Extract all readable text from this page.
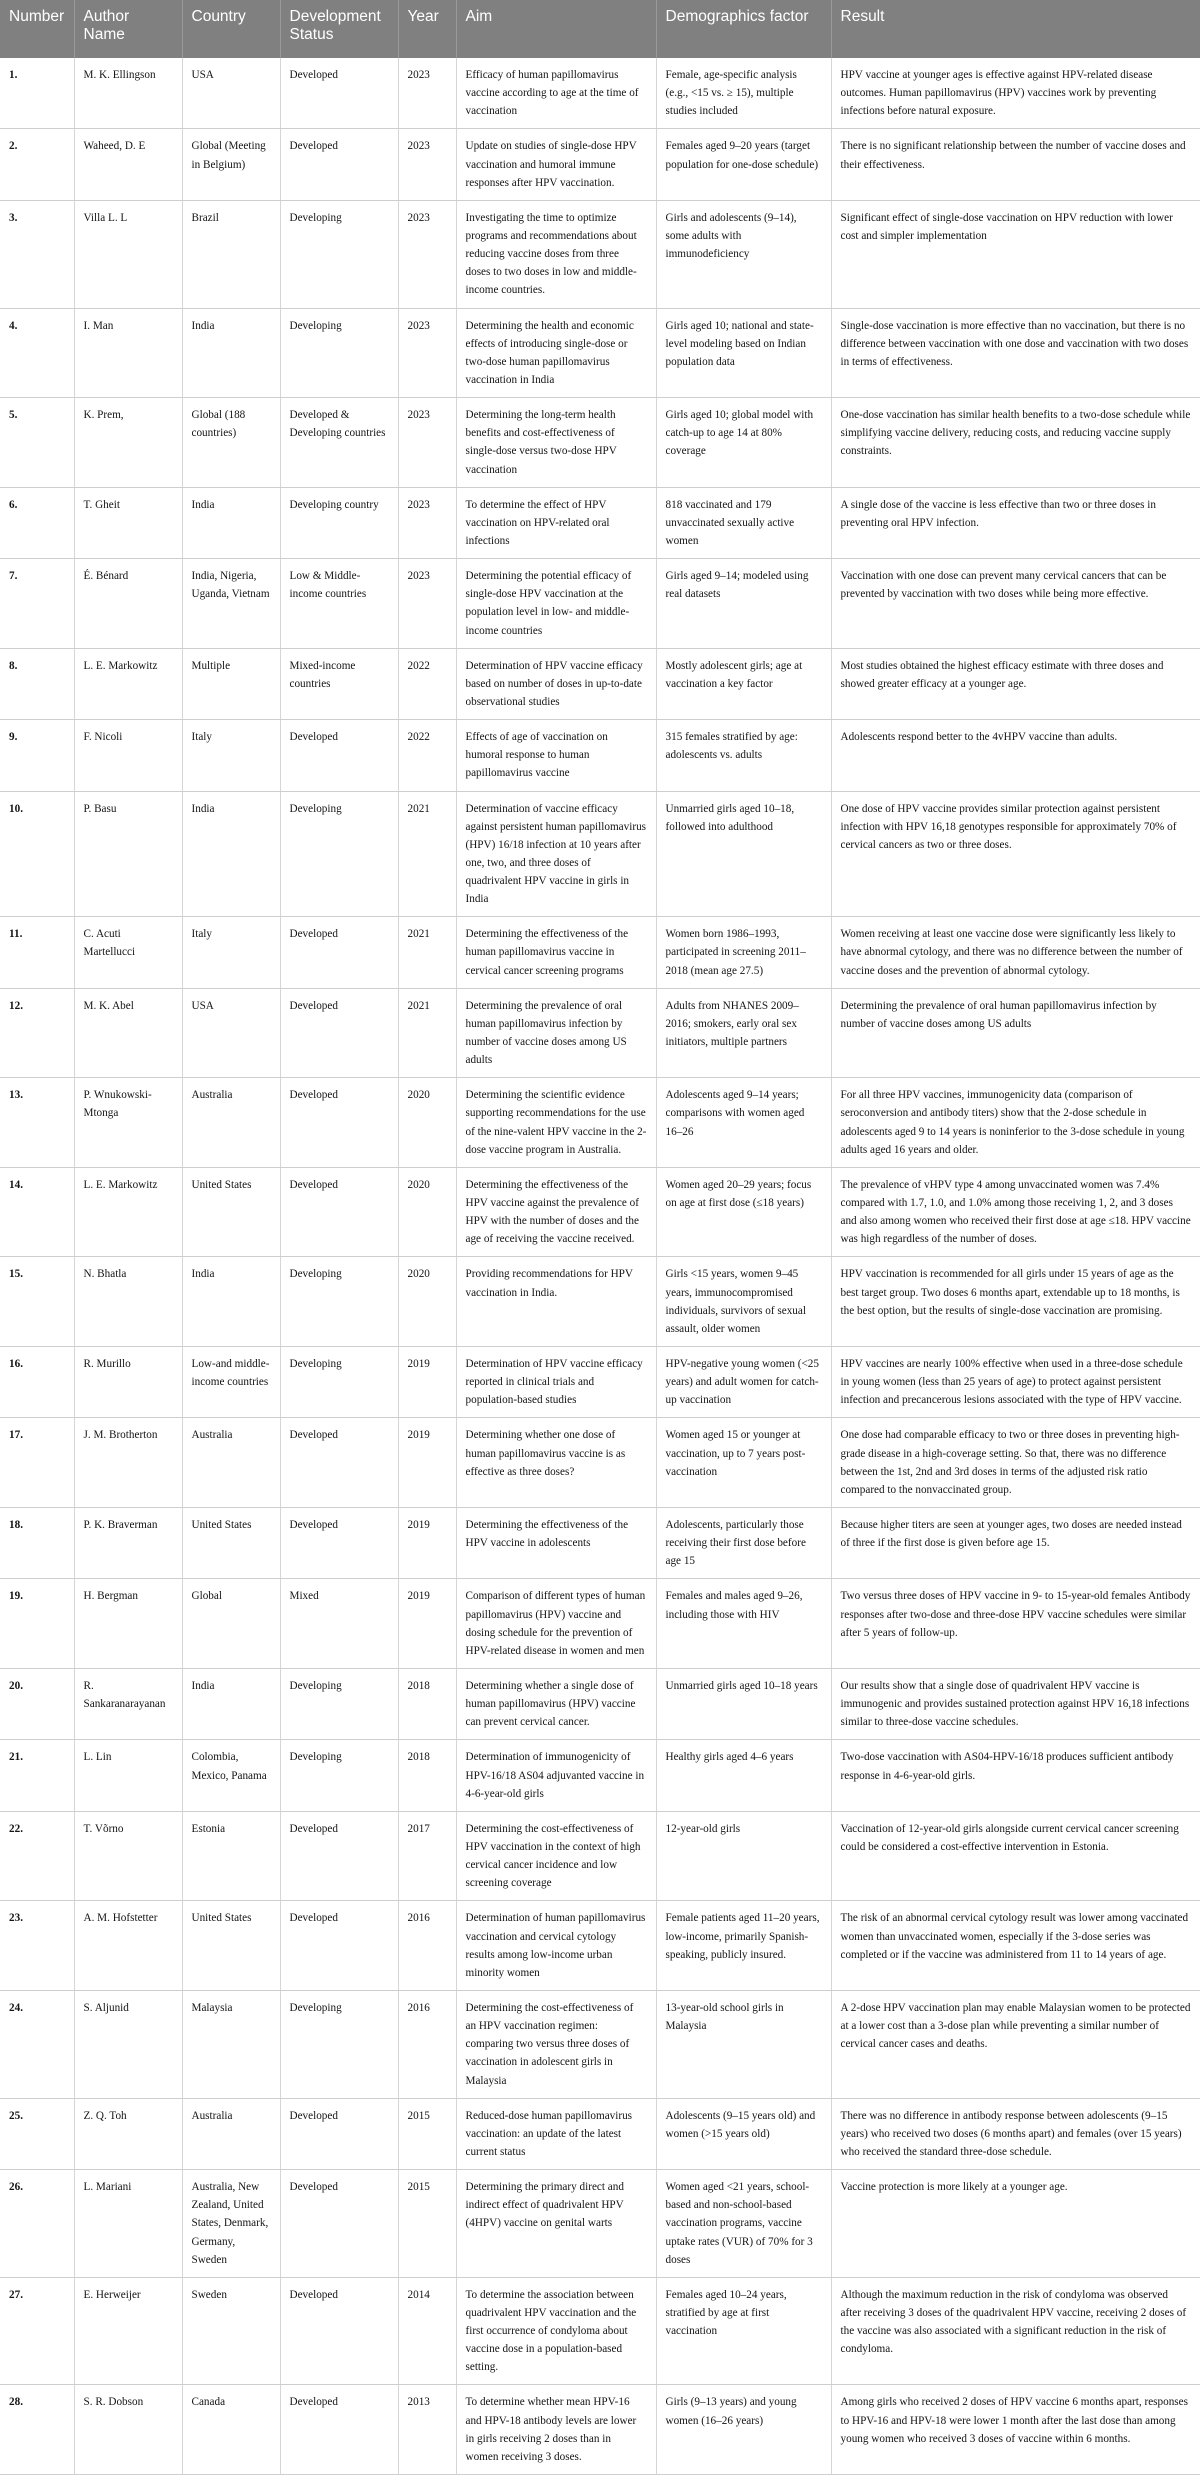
Number	Author Name	Country	Development Status	Year	Aim	Demographics factor	Result
1.	M. K. Ellingson	USA	Developed	2023	Efficacy of human papillomavirus vaccine according to age at the time of vaccination	Female, age-specific analysis (e.g., <15 vs. ≥ 15), multiple studies included	HPV vaccine at younger ages is effective against HPV-related disease outcomes. Human papillomavirus (HPV) vaccines work by preventing infections before natural exposure.
2.	Waheed, D. E	Global (Meeting in Belgium)	Developed	2023	Update on studies of single-dose HPV vaccination and humoral immune responses after HPV vaccination.	Females aged 9–20 years (target population for one-dose schedule)	There is no significant relationship between the number of vaccine doses and their effectiveness.
3.	Villa L. L	Brazil	Developing	2023	Investigating the time to optimize programs and recommendations about reducing vaccine doses from three doses to two doses in low and middle-income countries.	Girls and adolescents (9–14), some adults with immunodeficiency	Significant effect of single-dose vaccination on HPV reduction with lower cost and simpler implementation
4.	I. Man	India	Developing	2023	Determining the health and economic effects of introducing single-dose or two-dose human papillomavirus vaccination in India	Girls aged 10; national and state-level modeling based on Indian population data	Single-dose vaccination is more effective than no vaccination, but there is no difference between vaccination with one dose and vaccination with two doses in terms of effectiveness.
5.	K. Prem,	Global (188 countries)	Developed & Developing countries	2023	Determining the long-term health benefits and cost-effectiveness of single-dose versus two-dose HPV vaccination	Girls aged 10; global model with catch-up to age 14 at 80% coverage	One-dose vaccination has similar health benefits to a two-dose schedule while simplifying vaccine delivery, reducing costs, and reducing vaccine supply constraints.
6.	T. Gheit	India	Developing country	2023	To determine the effect of HPV vaccination on HPV-related oral infections	818 vaccinated and 179 unvaccinated sexually active women	A single dose of the vaccine is less effective than two or three doses in preventing oral HPV infection.
7.	É. Bénard	India, Nigeria, Uganda, Vietnam	Low & Middle-income countries	2023	Determining the potential efficacy of single-dose HPV vaccination at the population level in low- and middle-income countries	Girls aged 9–14; modeled using real datasets	Vaccination with one dose can prevent many cervical cancers that can be prevented by vaccination with two doses while being more effective.
8.	L. E. Markowitz	Multiple	Mixed-income countries	2022	Determination of HPV vaccine efficacy based on number of doses in up-to-date observational studies	Mostly adolescent girls; age at vaccination a key factor	Most studies obtained the highest efficacy estimate with three doses and showed greater efficacy at a younger age.
9.	F. Nicoli	Italy	Developed	2022	Effects of age of vaccination on humoral response to human papillomavirus vaccine	315 females stratified by age: adolescents vs. adults	Adolescents respond better to the 4vHPV vaccine than adults.
10.	P. Basu	India	Developing	2021	Determination of vaccine efficacy against persistent human papillomavirus (HPV) 16/18 infection at 10 years after one, two, and three doses of quadrivalent HPV vaccine in girls in India	Unmarried girls aged 10–18, followed into adulthood	One dose of HPV vaccine provides similar protection against persistent infection with HPV 16,18 genotypes responsible for approximately 70% of cervical cancers as two or three doses.
11.	C. Acuti Martellucci	Italy	Developed	2021	Determining the effectiveness of the human papillomavirus vaccine in cervical cancer screening programs	Women born 1986–1993, participated in screening 2011–2018 (mean age 27.5)	Women receiving at least one vaccine dose were significantly less likely to have abnormal cytology, and there was no difference between the number of vaccine doses and the prevention of abnormal cytology.
12.	M. K. Abel	USA	Developed	2021	Determining the prevalence of oral human papillomavirus infection by number of vaccine doses among US adults	Adults from NHANES 2009–2016; smokers, early oral sex initiators, multiple partners	Determining the prevalence of oral human papillomavirus infection by number of vaccine doses among US adults
13.	P. Wnukowski-Mtonga	Australia	Developed	2020	Determining the scientific evidence supporting recommendations for the use of the nine-valent HPV vaccine in the 2-dose vaccine program in Australia.	Adolescents aged 9–14 years; comparisons with women aged 16–26	For all three HPV vaccines, immunogenicity data (comparison of seroconversion and antibody titers) show that the 2-dose schedule in adolescents aged 9 to 14 years is noninferior to the 3-dose schedule in young adults aged 16 years and older.
14.	L. E. Markowitz	United States	Developed	2020	Determining the effectiveness of the HPV vaccine against the prevalence of HPV with the number of doses and the age of receiving the vaccine received.	Women aged 20–29 years; focus on age at first dose (≤18 years)	The prevalence of vHPV type 4 among unvaccinated women was 7.4% compared with 1.7, 1.0, and 1.0% among those receiving 1, 2, and 3 doses and also among women who received their first dose at age ≤18. HPV vaccine was high regardless of the number of doses.
15.	N. Bhatla	India	Developing	2020	Providing recommendations for HPV vaccination in India.	Girls <15 years, women 9–45 years, immunocompromised individuals, survivors of sexual assault, older women	HPV vaccination is recommended for all girls under 15 years of age as the best target group. Two doses 6 months apart, extendable up to 18 months, is the best option, but the results of single-dose vaccination are promising.
16.	R. Murillo	Low-and middle-income countries	Developing	2019	Determination of HPV vaccine efficacy reported in clinical trials and population-based studies	HPV-negative young women (<25 years) and adult women for catch-up vaccination	HPV vaccines are nearly 100% effective when used in a three-dose schedule in young women (less than 25 years of age) to protect against persistent infection and precancerous lesions associated with the type of HPV vaccine.
17.	J. M. Brotherton	Australia	Developed	2019	Determining whether one dose of human papillomavirus vaccine is as effective as three doses?	Women aged 15 or younger at vaccination, up to 7 years post-vaccination	One dose had comparable efficacy to two or three doses in preventing high-grade disease in a high-coverage setting. So that, there was no difference between the 1st, 2nd and 3rd doses in terms of the adjusted risk ratio compared to the nonvaccinated group.
18.	P. K. Braverman	United States	Developed	2019	Determining the effectiveness of the HPV vaccine in adolescents	Adolescents, particularly those receiving their first dose before age 15	Because higher titers are seen at younger ages, two doses are needed instead of three if the first dose is given before age 15.
19.	H. Bergman	Global	Mixed	2019	Comparison of different types of human papillomavirus (HPV) vaccine and dosing schedule for the prevention of HPV-related disease in women and men	Females and males aged 9–26, including those with HIV	Two versus three doses of HPV vaccine in 9- to 15-year-old females Antibody responses after two-dose and three-dose HPV vaccine schedules were similar after 5 years of follow-up.
20.	R. Sankaranarayanan	India	Developing	2018	Determining whether a single dose of human papillomavirus (HPV) vaccine can prevent cervical cancer.	Unmarried girls aged 10–18 years	Our results show that a single dose of quadrivalent HPV vaccine is immunogenic and provides sustained protection against HPV 16,18 infections similar to three-dose vaccine schedules.
21.	L. Lin	Colombia, Mexico, Panama	Developing	2018	Determination of immunogenicity of HPV-16/18 AS04 adjuvanted vaccine in 4-6-year-old girls	Healthy girls aged 4–6 years	Two-dose vaccination with AS04-HPV-16/18 produces sufficient antibody response in 4-6-year-old girls.
22.	T. Võrno	Estonia	Developed	2017	Determining the cost-effectiveness of HPV vaccination in the context of high cervical cancer incidence and low screening coverage	12-year-old girls	Vaccination of 12-year-old girls alongside current cervical cancer screening could be considered a cost-effective intervention in Estonia.
23.	A. M. Hofstetter	United States	Developed	2016	Determination of human papillomavirus vaccination and cervical cytology results among low-income urban minority women	Female patients aged 11–20 years, low-income, primarily Spanish-speaking, publicly insured.	The risk of an abnormal cervical cytology result was lower among vaccinated women than unvaccinated women, especially if the 3-dose series was completed or if the vaccine was administered from 11 to 14 years of age.
24.	S. Aljunid	Malaysia	Developing	2016	Determining the cost-effectiveness of an HPV vaccination regimen: comparing two versus three doses of vaccination in adolescent girls in Malaysia	13-year-old school girls in Malaysia	A 2-dose HPV vaccination plan may enable Malaysian women to be protected at a lower cost than a 3-dose plan while preventing a similar number of cervical cancer cases and deaths.
25.	Z. Q. Toh	Australia	Developed	2015	Reduced-dose human papillomavirus vaccination: an update of the latest current status	Adolescents (9–15 years old) and women (>15 years old)	There was no difference in antibody response between adolescents (9–15 years) who received two doses (6 months apart) and females (over 15 years) who received the standard three-dose schedule.
26.	L. Mariani	Australia, New Zealand, United States, Denmark, Germany, Sweden	Developed	2015	Determining the primary direct and indirect effect of quadrivalent HPV (4HPV) vaccine on genital warts	Women aged <21 years, school-based and non-school-based vaccination programs, vaccine uptake rates (VUR) of 70% for 3 doses	Vaccine protection is more likely at a younger age.
27.	E. Herweijer	Sweden	Developed	2014	To determine the association between quadrivalent HPV vaccination and the first occurrence of condyloma about vaccine dose in a population-based setting.	Females aged 10–24 years, stratified by age at first vaccination	Although the maximum reduction in the risk of condyloma was observed after receiving 3 doses of the quadrivalent HPV vaccine, receiving 2 doses of the vaccine was also associated with a significant reduction in the risk of condyloma.
28.	S. R. Dobson	Canada	Developed	2013	To determine whether mean HPV-16 and HPV-18 antibody levels are lower in girls receiving 2 doses than in women receiving 3 doses.	Girls (9–13 years) and young women (16–26 years)	Among girls who received 2 doses of HPV vaccine 6 months apart, responses to HPV-16 and HPV-18 were lower 1 month after the last dose than among young women who received 3 doses of vaccine within 6 months.
